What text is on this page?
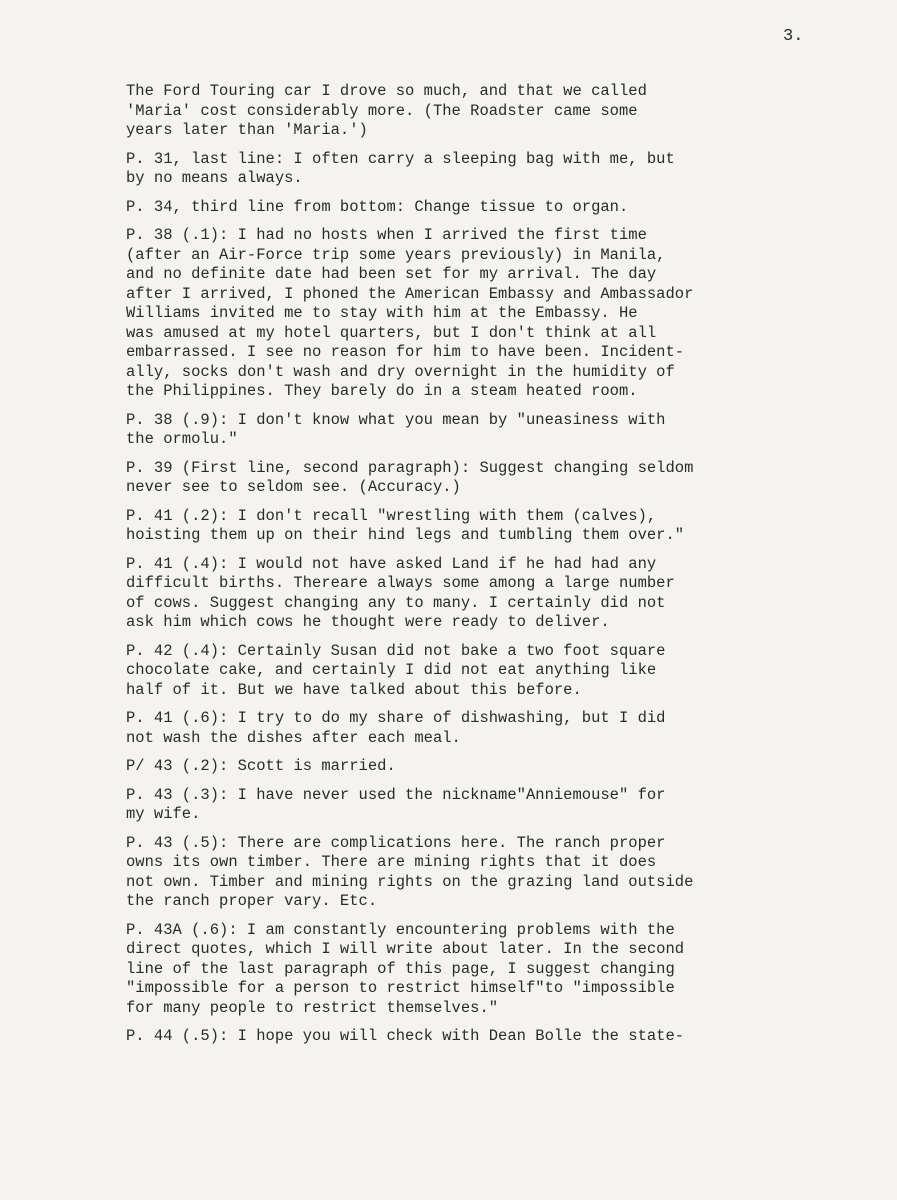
3.
The Ford Touring car I drove so much, and that we called
'Maria' cost considerably more. (The Roadster came some
years later than 'Maria.')
P. 31, last line: I often carry a sleeping bag with me, but
by no means always.
P. 34, third line from bottom: Change tissue to organ.
P. 38 (.1): I had no hosts when I arrived the first time
(after an Air-Force trip some years previously) in Manila,
and no definite date had been set for my arrival. The day
after I arrived, I phoned the American Embassy and Ambassador
Williams invited me to stay with him at the Embassy. He
was amused at my hotel quarters, but I don't think at all
embarrassed. I see no reason for him to have been. Incident-
ally, socks don't wash and dry overnight in the humidity of
the Philippines. They barely do in a steam heated room.
P. 38 (.9): I don't know what you mean by "uneasiness with
the ormolu."
P. 39 (First line, second paragraph): Suggest changing seldom
never see to seldom see. (Accuracy.)
P. 41 (.2): I don't recall "wrestling with them (calves),
hoisting them up on their hind legs and tumbling them over."
P. 41 (.4): I would not have asked Land if he had had any
difficult births. Thereare always some among a large number
of cows. Suggest changing any to many. I certainly did not
ask him which cows he thought were ready to deliver.
P. 42 (.4): Certainly Susan did not bake a two foot square
chocolate cake, and certainly I did not eat anything like
half of it. But we have talked about this before.
P. 41 (.6): I try to do my share of dishwashing, but I did
not wash the dishes after each meal.
P/ 43 (.2): Scott is married.
P. 43 (.3): I have never used the nickname"Anniemouse" for
my wife.
P. 43 (.5): There are complications here. The ranch proper
owns its own timber. There are mining rights that it does
not own. Timber and mining rights on the grazing land outside
the ranch proper vary. Etc.
P. 43A (.6): I am constantly encountering problems with the
direct quotes, which I will write about later. In the second
line of the last paragraph of this page, I suggest changing
"impossible for a person to restrict himself"to "impossible
for many people to restrict themselves."
P. 44 (.5): I hope you will check with Dean Bolle the state-
